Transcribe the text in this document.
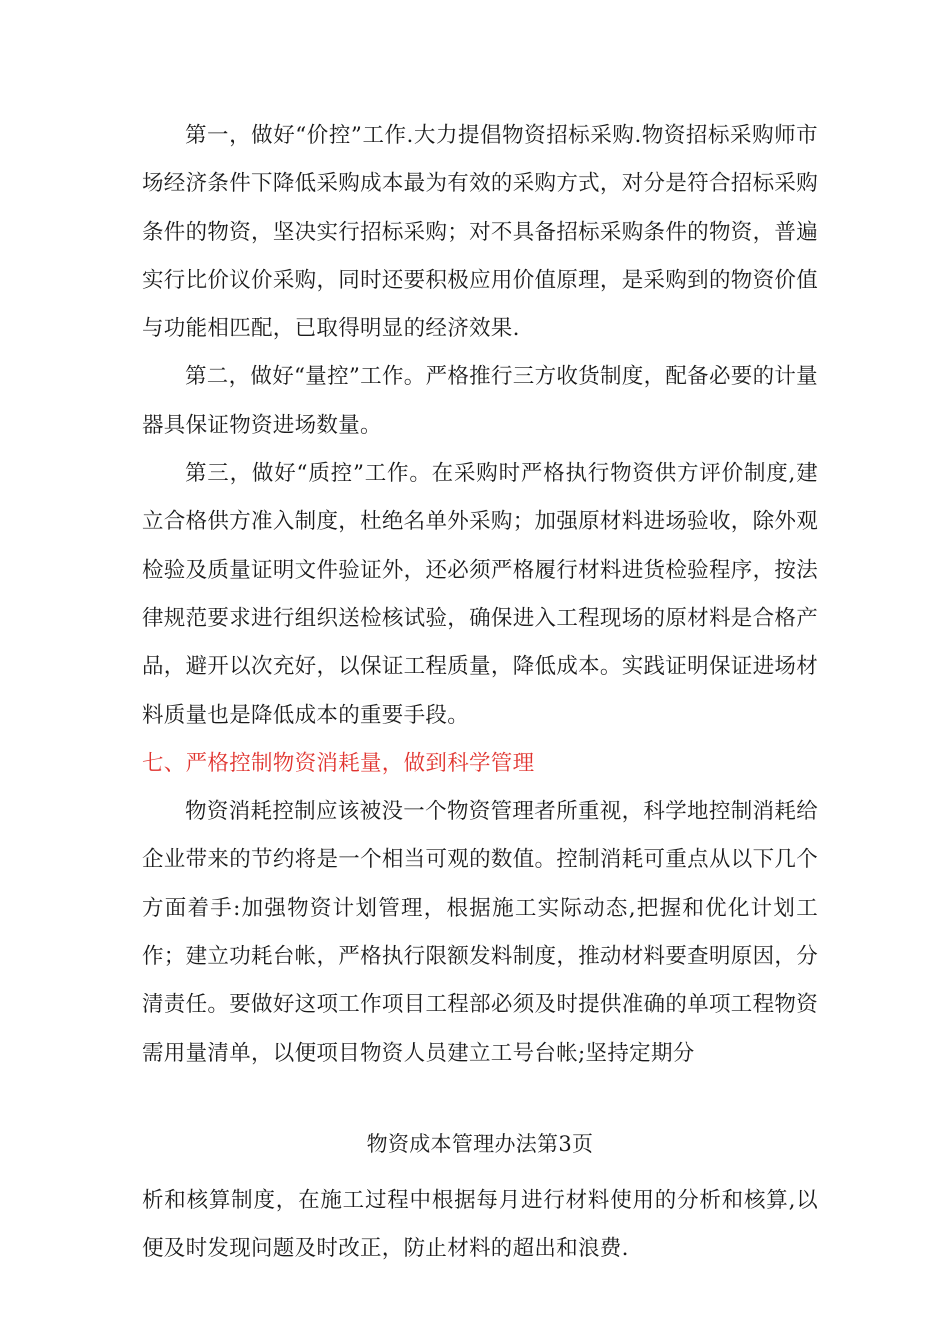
第一，做好“价控”工作.大力提倡物资招标采购.物资招标采购师市场经济条件下降低采购成本最为有效的采购方式，对分是符合招标采购条件的物资，坚决实行招标采购；对不具备招标采购条件的物资，普遍实行比价议价采购，同时还要积极应用价值原理，是采购到的物资价值与功能相匹配，已取得明显的经济效果.

第二，做好“量控”工作。严格推行三方收货制度，配备必要的计量器具保证物资进场数量。

第三，做好“质控”工作。在采购时严格执行物资供方评价制度,建立合格供方准入制度，杜绝名单外采购；加强原材料进场验收，除外观检验及质量证明文件验证外，还必须严格履行材料进货检验程序，按法律规范要求进行组织送检核试验，确保进入工程现场的原材料是合格产品，避开以次充好，以保证工程质量，降低成本。实践证明保证进场材料质量也是降低成本的重要手段。

七、严格控制物资消耗量，做到科学管理

物资消耗控制应该被没一个物资管理者所重视，科学地控制消耗给企业带来的节约将是一个相当可观的数值。控制消耗可重点从以下几个方面着手:加强物资计划管理，根据施工实际动态,把握和优化计划工作；建立功耗台帐，严格执行限额发料制度，推动材料要查明原因，分清责任。要做好这项工作项目工程部必须及时提供准确的单项工程物资需用量清单，以便项目物资人员建立工号台帐;坚持定期分

物资成本管理办法第3页

析和核算制度，在施工过程中根据每月进行材料使用的分析和核算,以便及时发现问题及时改正，防止材料的超出和浪费.
